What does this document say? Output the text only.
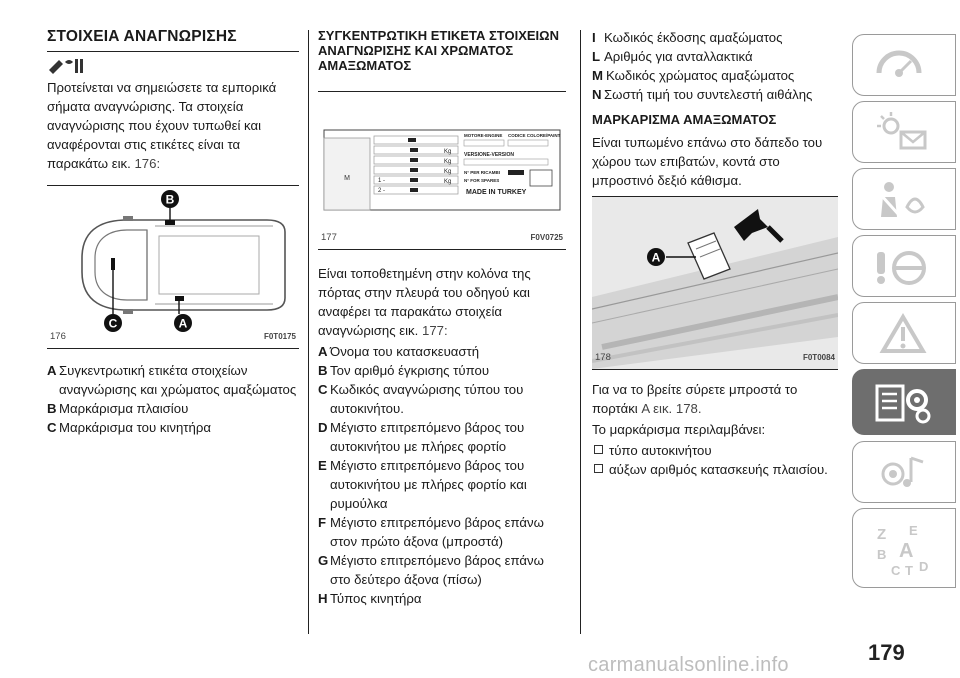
ΣΤΟΙΧΕΙΑ ΑΝΑΓΝΩΡΙΣΗΣ

Προτείνεται να σημειώσετε τα εμπορικά σήματα αναγνώρισης. Τα στοιχεία αναγνώρισης που έχουν τυπωθεί και αναφέρονται στις ετικέτες είναι τα παρακάτω εικ. 176:

B
C	A
176	F0T0175
A Συγκεντρωτική ετικέτα στοιχείων αναγνώρισης και χρώματος αμαξώματος
B Μαρκάρισμα πλαισίου
C Μαρκάρισμα του κινητήρα
ΣΥΓΚΕΝΤΡΩΤΙΚΗ ΕΤΙΚΕΤΑ ΣΤΟΙΧΕΙΩΝ ΑΝΑΓΝΩΡΙΣΗΣ ΚΑΙ ΧΡΩΜΑΤΟΣ ΑΜΑΞΩΜΑΤΟΣ
M
Kg
Kg
Kg
Kg
1 -
2 -
MOTORE-ENGINE CODICE COLORE/PAINT
VERSIONE-VERSION
N° PER RICAMBI
N° FOR SPARES
MADE IN TURKEY
177	F0V0725

Είναι τοποθετημένη στην κολόνα της πόρτας στην πλευρά του οδηγού και αναφέρει τα παρακάτω στοιχεία αναγνώρισης εικ. 177:

A Όνομα του κατασκευαστή
B Τον αριθμό έγκρισης τύπου
C Κωδικός αναγνώρισης τύπου του αυτοκινήτου.
D Μέγιστο επιτρεπόμενο βάρος του αυτοκινήτου με πλήρες φορτίο
E Μέγιστο επιτρεπόμενο βάρος του αυτοκινήτου με πλήρες φορτίο και ρυμούλκα
F Μέγιστο επιτρεπόμενο βάρος επάνω στον πρώτο άξονα (μπροστά)
G Μέγιστο επιτρεπόμενο βάρος επάνω στο δεύτερο άξονα (πίσω)
H Τύπος κινητήρα
I Κωδικός έκδοσης αμαξώματος
L Αριθμός για ανταλλακτικά
M Κωδικός χρώματος αμαξώματος
N Σωστή τιμή του συντελεστή αιθάλης
ΜΑΡΚΑΡΙΣΜΑ ΑΜΑΞΩΜΑΤΟΣ

Είναι τυπωμένο επάνω στο δάπεδο του χώρου των επιβατών, κοντά στο μπροστινό δεξιό κάθισμα.

A
178	F0T0084

Για να το βρείτε σύρετε μπροστά το πορτάκι A εικ. 178.

Το μαρκάρισμα περιλαμβάνει:

τύπο αυτοκινήτου
αύξων αριθμός κατασκευής πλαισίου.
Z E
B A
C T D
179
carmanualsonline.info
